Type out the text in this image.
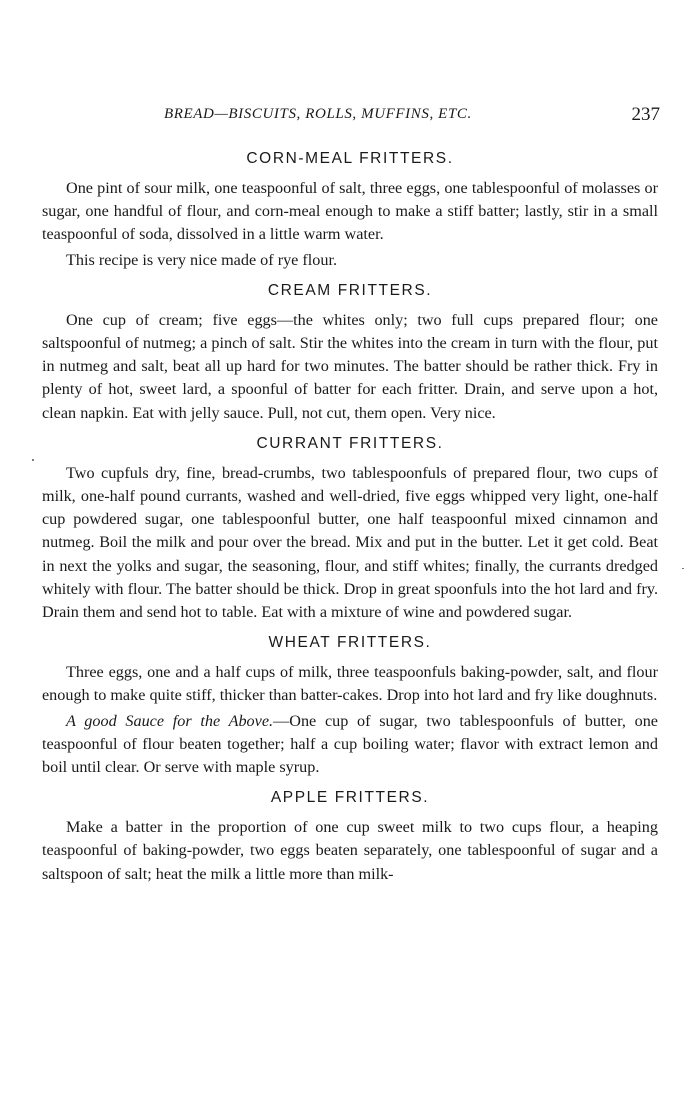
BREAD—BISCUITS, ROLLS, MUFFINS, ETC.	237
CORN-MEAL FRITTERS.

One pint of sour milk, one teaspoonful of salt, three eggs, one tablespoonful of molasses or sugar, one handful of flour, and corn-meal enough to make a stiff batter; lastly, stir in a small teaspoonful of soda, dissolved in a little warm water.

This recipe is very nice made of rye flour.

CREAM FRITTERS.

One cup of cream; five eggs—the whites only; two full cups prepared flour; one saltspoonful of nutmeg; a pinch of salt. Stir the whites into the cream in turn with the flour, put in nutmeg and salt, beat all up hard for two minutes. The batter should be rather thick. Fry in plenty of hot, sweet lard, a spoonful of batter for each fritter. Drain, and serve upon a hot, clean napkin. Eat with jelly sauce. Pull, not cut, them open. Very nice.

CURRANT FRITTERS.

Two cupfuls dry, fine, bread-crumbs, two tablespoonfuls of prepared flour, two cups of milk, one-half pound currants, washed and well-dried, five eggs whipped very light, one-half cup powdered sugar, one tablespoonful butter, one half teaspoonful mixed cinnamon and nutmeg. Boil the milk and pour over the bread. Mix and put in the butter. Let it get cold. Beat in next the yolks and sugar, the seasoning, flour, and stiff whites; finally, the currants dredged whitely with flour. The batter should be thick. Drop in great spoonfuls into the hot lard and fry. Drain them and send hot to table. Eat with a mixture of wine and powdered sugar.

WHEAT FRITTERS.

Three eggs, one and a half cups of milk, three teaspoonfuls baking-powder, salt, and flour enough to make quite stiff, thicker than batter-cakes. Drop into hot lard and fry like doughnuts.

A good Sauce for the Above.—One cup of sugar, two tablespoonfuls of butter, one teaspoonful of flour beaten together; half a cup boiling water; flavor with extract lemon and boil until clear. Or serve with maple syrup.

APPLE FRITTERS.

Make a batter in the proportion of one cup sweet milk to two cups flour, a heaping teaspoonful of baking-powder, two eggs beaten separately, one tablespoonful of sugar and a saltspoon of salt; heat the milk a little more than milk-
